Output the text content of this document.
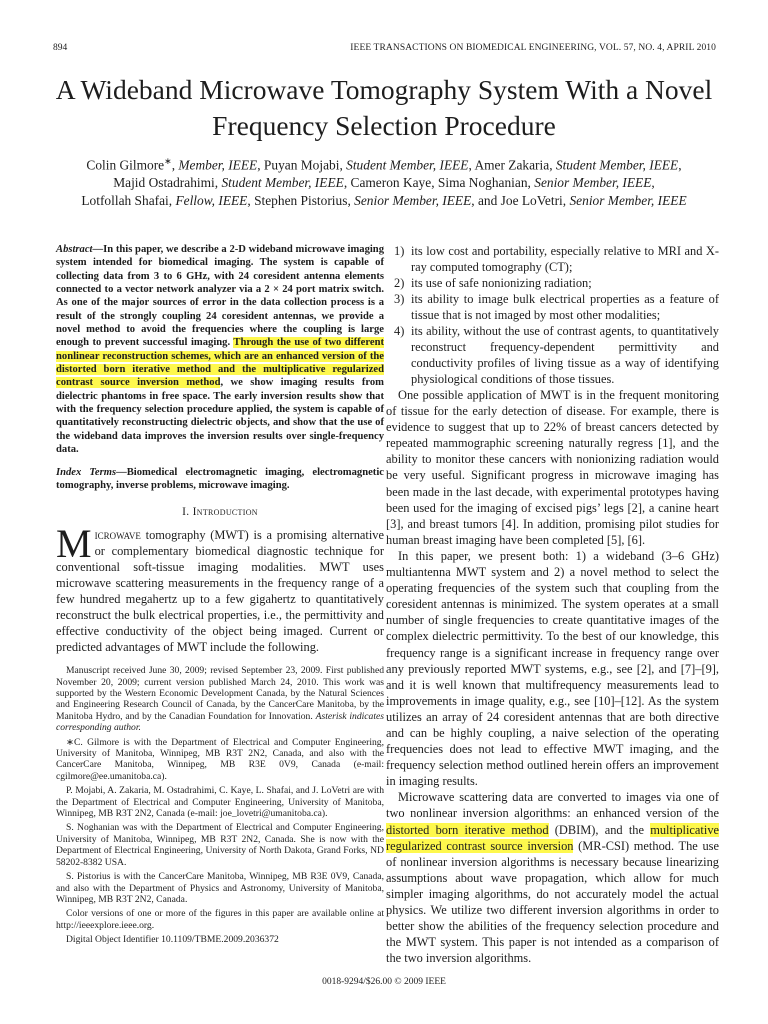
894	IEEE TRANSACTIONS ON BIOMEDICAL ENGINEERING, VOL. 57, NO. 4, APRIL 2010
A Wideband Microwave Tomography System With a Novel Frequency Selection Procedure
Colin Gilmore∗, Member, IEEE, Puyan Mojabi, Student Member, IEEE, Amer Zakaria, Student Member, IEEE,
Majid Ostadrahimi, Student Member, IEEE, Cameron Kaye, Sima Noghanian, Senior Member, IEEE,
Lotfollah Shafai, Fellow, IEEE, Stephen Pistorius, Senior Member, IEEE, and Joe LoVetri, Senior Member, IEEE

Abstract—In this paper, we describe a 2-D wideband microwave imaging system intended for biomedical imaging. The system is capable of collecting data from 3 to 6 GHz, with 24 coresident antenna elements connected to a vector network analyzer via a 2 × 24 port matrix switch. As one of the major sources of error in the data collection process is a result of the strongly coupling 24 coresident antennas, we provide a novel method to avoid the frequencies where the coupling is large enough to prevent successful imaging. Through the use of two different nonlinear reconstruction schemes, which are an enhanced version of the distorted born iterative method and the multiplicative regularized contrast source inversion method, we show imaging results from dielectric phantoms in free space. The early inversion results show that with the frequency selection procedure applied, the system is capable of quantitatively reconstructing dielectric objects, and show that the use of the wideband data improves the inversion results over single-frequency data.

Index Terms—Biomedical electromagnetic imaging, electromagnetic tomography, inverse problems, microwave imaging.

I. Introduction

Microwave tomography (MWT) is a promising alternative or complementary biomedical diagnostic technique for conventional soft-tissue imaging modalities. MWT uses microwave scattering measurements in the frequency range of a few hundred megahertz up to a few gigahertz to quantitatively reconstruct the bulk electrical properties, i.e., the permittivity and effective conductivity of the object being imaged. Current or predicted advantages of MWT include the following.

Manuscript received June 30, 2009; revised September 23, 2009. First published November 20, 2009; current version published March 24, 2010. This work was supported by the Western Economic Development Canada, by the Natural Sciences and Engineering Research Council of Canada, by the CancerCare Manitoba, by the Manitoba Hydro, and by the Canadian Foundation for Innovation. Asterisk indicates corresponding author.

∗C. Gilmore is with the Department of Electrical and Computer Engineering, University of Manitoba, Winnipeg, MB R3T 2N2, Canada, and also with the CancerCare Manitoba, Winnipeg, MB R3E 0V9, Canada (e-mail: cgilmore@ee.umanitoba.ca).

P. Mojabi, A. Zakaria, M. Ostadrahimi, C. Kaye, L. Shafai, and J. LoVetri are with the Department of Electrical and Computer Engineering, University of Manitoba, Winnipeg, MB R3T 2N2, Canada (e-mail: joe_lovetri@umanitoba.ca).

S. Noghanian was with the Department of Electrical and Computer Engineering, University of Manitoba, Winnipeg, MB R3T 2N2, Canada. She is now with the Department of Electrical Engineering, University of North Dakota, Grand Forks, ND 58202-8382 USA.

S. Pistorius is with the CancerCare Manitoba, Winnipeg, MB R3E 0V9, Canada, and also with the Department of Physics and Astronomy, University of Manitoba, Winnipeg, MB R3T 2N2, Canada.

Color versions of one or more of the figures in this paper are available online at http://ieeexplore.ieee.org.

Digital Object Identifier 10.1109/TBME.2009.2036372

1) its low cost and portability, especially relative to MRI and X-ray computed tomography (CT);
2) its use of safe nonionizing radiation;
3) its ability to image bulk electrical properties as a feature of tissue that is not imaged by most other modalities;
4) its ability, without the use of contrast agents, to quantitatively reconstruct frequency-dependent permittivity and conductivity profiles of living tissue as a way of identifying physiological conditions of those tissues.

One possible application of MWT is in the frequent monitoring of tissue for the early detection of disease. For example, there is evidence to suggest that up to 22% of breast cancers detected by repeated mammographic screening naturally regress [1], and the ability to monitor these cancers with nonionizing radiation would be very useful. Significant progress in microwave imaging has been made in the last decade, with experimental prototypes having been used for the imaging of excised pigs’ legs [2], a canine heart [3], and breast tumors [4]. In addition, promising pilot studies for human breast imaging have been completed [5], [6].

In this paper, we present both: 1) a wideband (3–6 GHz) multiantenna MWT system and 2) a novel method to select the operating frequencies of the system such that coupling from the coresident antennas is minimized. The system operates at a small number of single frequencies to create quantitative images of the complex dielectric permittivity. To the best of our knowledge, this frequency range is a significant increase in frequency range over any previously reported MWT systems, e.g., see [2], and [7]–[9], and it is well known that multifrequency measurements lead to improvements in image quality, e.g., see [10]–[12]. As the system utilizes an array of 24 coresident antennas that are both directive and can be highly coupling, a naive selection of the operating frequencies does not lead to effective MWT imaging, and the frequency selection method outlined herein offers an improvement in imaging results.

Microwave scattering data are converted to images via one of two nonlinear inversion algorithms: an enhanced version of the distorted born iterative method (DBIM), and the multiplicative regularized contrast source inversion (MR-CSI) method. The use of nonlinear inversion algorithms is necessary because linearizing assumptions about wave propagation, which allow for much simpler imaging algorithms, do not accurately model the actual physics. We utilize two different inversion algorithms in order to better show the abilities of the frequency selection procedure and the MWT system. This paper is not intended as a comparison of the two inversion algorithms.

0018-9294/$26.00 © 2009 IEEE
